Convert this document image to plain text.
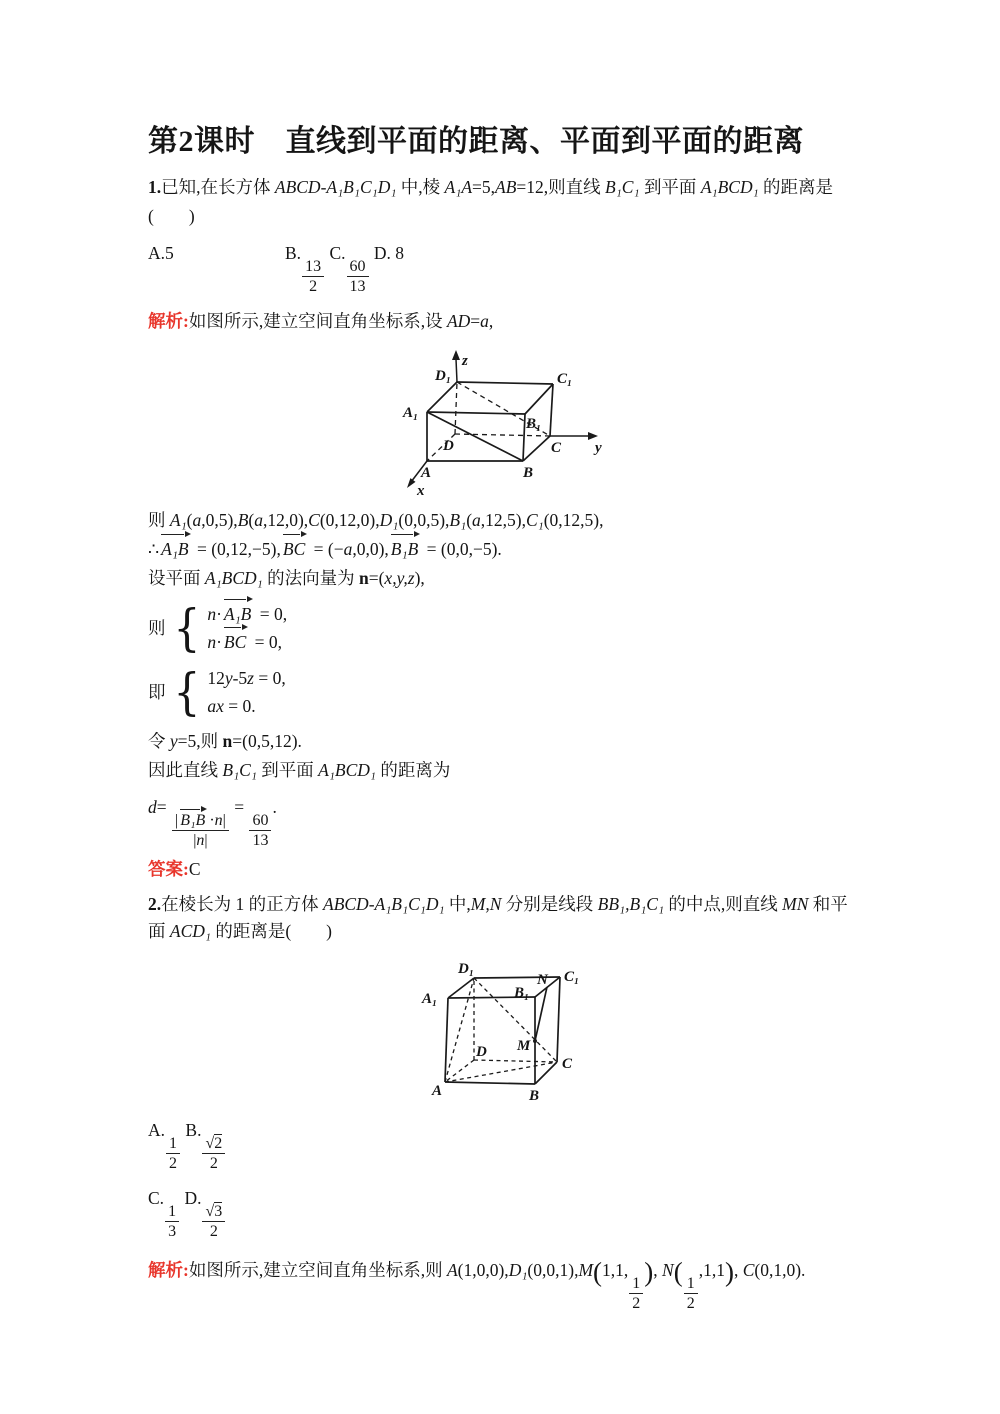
第2课时　直线到平面的距离、平面到平面的距离

1.已知,在长方体 ABCD-A₁B₁C₁D₁ 中,棱 A₁A=5,AB=12,则直线 B₁C₁ 到平面 A₁BCD₁ 的距离是

(　　)

A.5	B.
$\frac{13}{2}$
C.
$\frac{60}{13}$
D. 8

解析:如图所示,建立空间直角坐标系,设 AD=a,

z
D₁	C₁
A₁
B₁
D	C y
A	B
x

则 A₁(a,0,5),B(a,12,0),C(0,12,0),D₁(0,0,5),B₁(a,12,5),C₁(0,12,5),

∴ A₁B = (0,12,−5), BC = (−a,0,0), B₁B = (0,0,−5).

设平面 A₁BCD₁ 的法向量为 n=(x,y,z),

则 { n· A₁B = 0,
n· BC = 0,
即 { 12y-5z = 0,
ax = 0.

令 y=5,则 n=(0,5,12).

因此直线 B₁C₁ 到平面 A₁BCD₁ 的距离为

d=
$\frac{\text{| B₁B ·n|}}{|n|}$
=
$\frac{60}{13}$
.

答案:C

2.在棱长为 1 的正方体 ABCD-A₁B₁C₁D₁ 中,M,N 分别是线段 BB₁,B₁C₁ 的中点,则直线 MN 和平面 ACD₁ 的距离是(　　)

D₁	C₁
A₁	B₁
N
M
D
C
A	B
A.
$\frac{1}{2}$
B.
$\frac{√2}{2}$
C.
$\frac{1}{3}$
D.
$\frac{√3}{2}$

解析:如图所示,建立空间直角坐标系,则 A(1,0,0),D₁(0,0,1),M(1,1,
$\frac{1}{2}$
), N(
$\frac{1}{2}$
,1,1), C(0,1,0).
